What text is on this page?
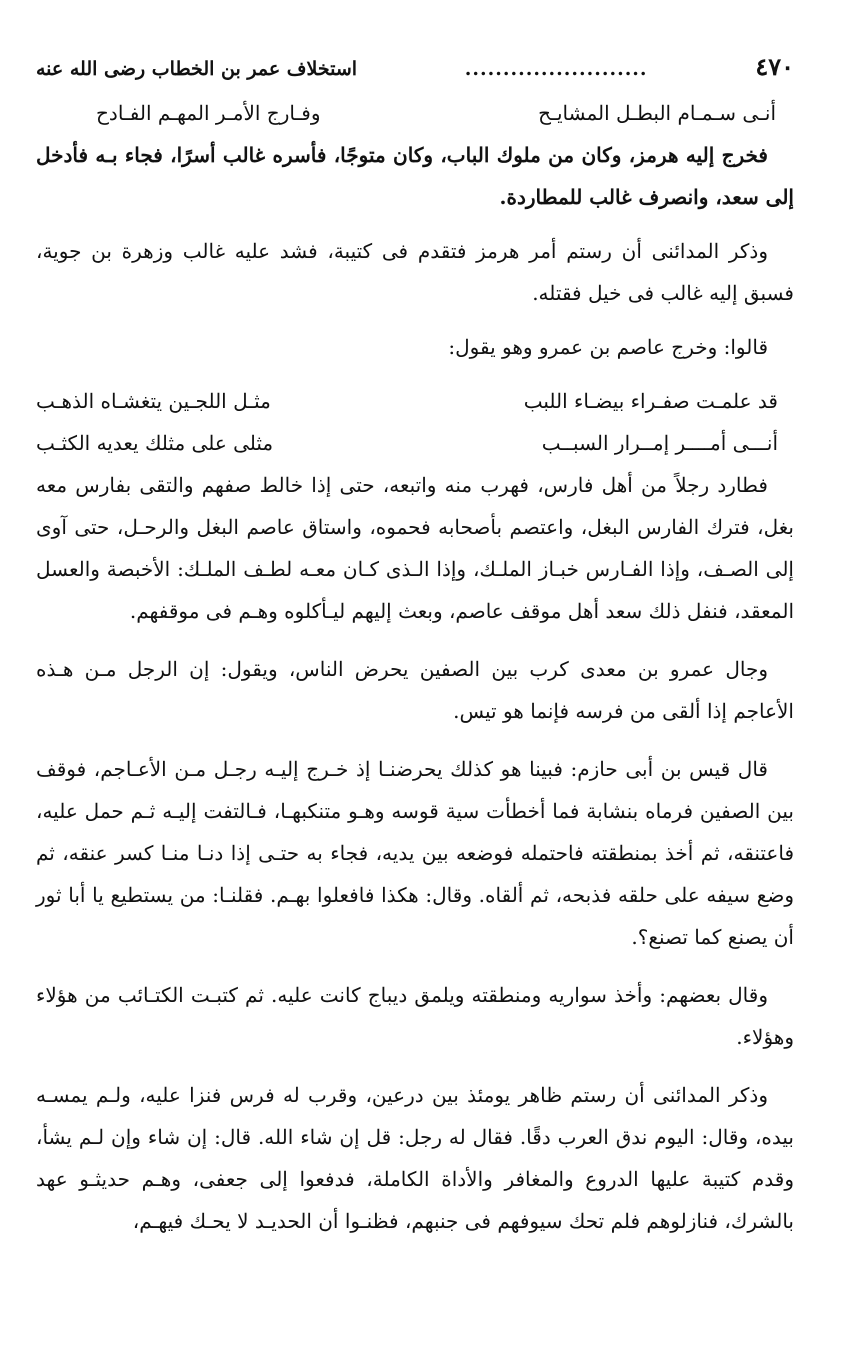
٤٧٠
........................
استخلاف عمر بن الخطاب رضى الله عنه
أنـى سـمـام البطـل المشايـح
وفـارج الأمـر المهـم الفـادح

فخرج إليه هرمز، وكان من ملوك الباب، وكان متوجًا، فأسره غالب أسرًا، فجاء بـه فأدخل إلى سعد، وانصرف غالب للمطاردة.

وذكر المدائنى أن رستم أمر هرمز فتقدم فى كتيبة، فشد عليه غالب وزهرة بن جوية، فسبق إليه غالب فى خيل فقتله.

قالوا: وخرج عاصم بن عمرو وهو يقول:

قد علمـت صفـراء بيضـاء اللبب
مثـل اللجـين يتغشـاه الذهـب
أنـــى أمــــر إمــرار السبــب
مثلى على مثلك يعديه الكثـب

فطارد رجلاً من أهل فارس، فهرب منه واتبعه، حتى إذا خالط صفهم والتقى بفارس معه بغل، فترك الفارس البغل، واعتصم بأصحابه فحموه، واستاق عاصم البغل والرحـل، حتى آوى إلى الصـف، وإذا الفـارس خبـاز الملـك، وإذا الـذى كـان معـه لطـف الملـك: الأخبصة والعسل المعقد، فنفل ذلك سعد أهل موقف عاصم، وبعث إليهم ليـأكلوه وهـم فى موقفهم.

وجال عمرو بن معدى كرب بين الصفين يحرض الناس، ويقول: إن الرجل مـن هـذه الأعاجم إذا ألقى من فرسه فإنما هو تيس.

قال قيس بن أبى حازم: فبينا هو كذلك يحرضنـا إذ خـرج إليـه رجـل مـن الأعـاجم، فوقف بين الصفين فرماه بنشابة فما أخطأت سية قوسه وهـو متنكبهـا، فـالتفت إليـه ثـم حمل عليه، فاعتنقه، ثم أخذ بمنطقته فاحتمله فوضعه بين يديه، فجاء به حتـى إذا دنـا منـا كسر عنقه، ثم وضع سيفه على حلقه فذبحه، ثم ألقاه. وقال: هكذا فافعلوا بهـم. فقلنـا: من يستطيع يا أبا ثور أن يصنع كما تصنع؟.

وقال بعضهم: وأخذ سواريه ومنطقته ويلمق ديباج كانت عليه. ثم كتبـت الكتـائب من هؤلاء وهؤلاء.

وذكر المدائنى أن رستم ظاهر يومئذ بين درعين، وقرب له فرس فنزا عليه، ولـم يمسـه بيده، وقال: اليوم ندق العرب دقًا. فقال له رجل: قل إن شاء الله. قال: إن شاء وإن لـم يشأ، وقدم كتيبة عليها الدروع والمغافر والأداة الكاملة، فدفعوا إلى جعفى، وهـم حديثـو عهد بالشرك، فنازلوهم فلم تحك سيوفهم فى جنبهم، فظنـوا أن الحديـد لا يحـك فيهـم،
